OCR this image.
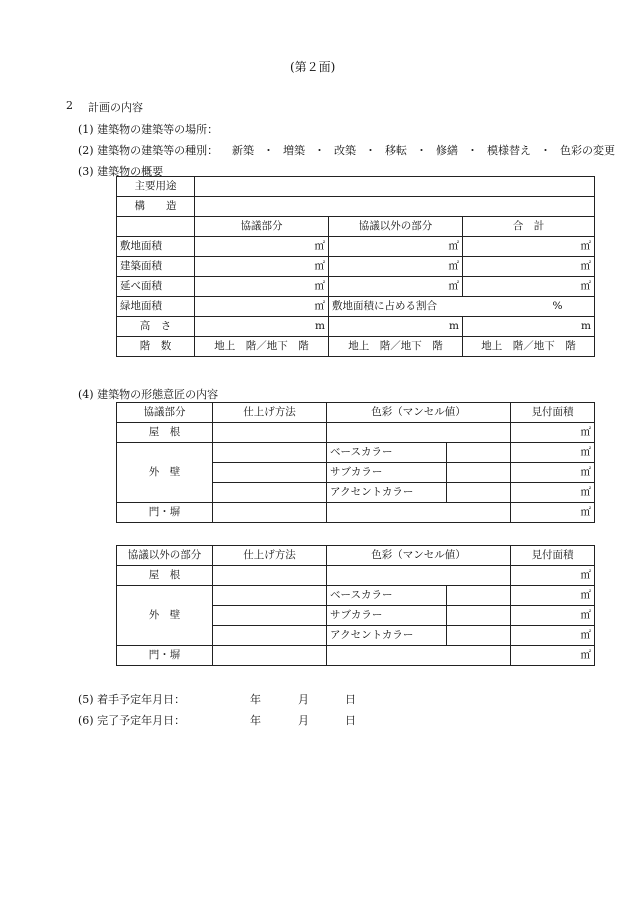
(第２面)
2 計画の内容
(1) 建築物の建築等の場所：
(2) 建築物の建築等の種別： 新築 ・ 増築 ・ 改築 ・ 移転 ・ 修繕 ・ 模様替え ・ 色彩の変更
(3) 建築物の概要
主要用途			
構　　造			
	協議部分	協議以外の部分	合　計
敷地面積	㎡	㎡	㎡
建築面積	㎡	㎡	㎡
延べ面積	㎡	㎡	㎡
緑地面積	㎡	敷地面積に占める割合	%
高　さ	m	m	m
階　数	地上　階／地下　階	地上　階／地下　階	地上　階／地下　階
(4) 建築物の形態意匠の内容
協議部分	仕上げ方法	色彩（マンセル値）		見付面積
屋　根				㎡
外　壁		ベースカラー		㎡
		サブカラー		㎡
		アクセントカラー		㎡
門・塀				㎡
協議以外の部分	仕上げ方法	色彩（マンセル値）		見付面積
屋　根				㎡
外　壁		ベースカラー		㎡
		サブカラー		㎡
		アクセントカラー		㎡
門・塀				㎡
(5) 着手予定年月日：	年	月	日
(6) 完了予定年月日：	年	月	日
